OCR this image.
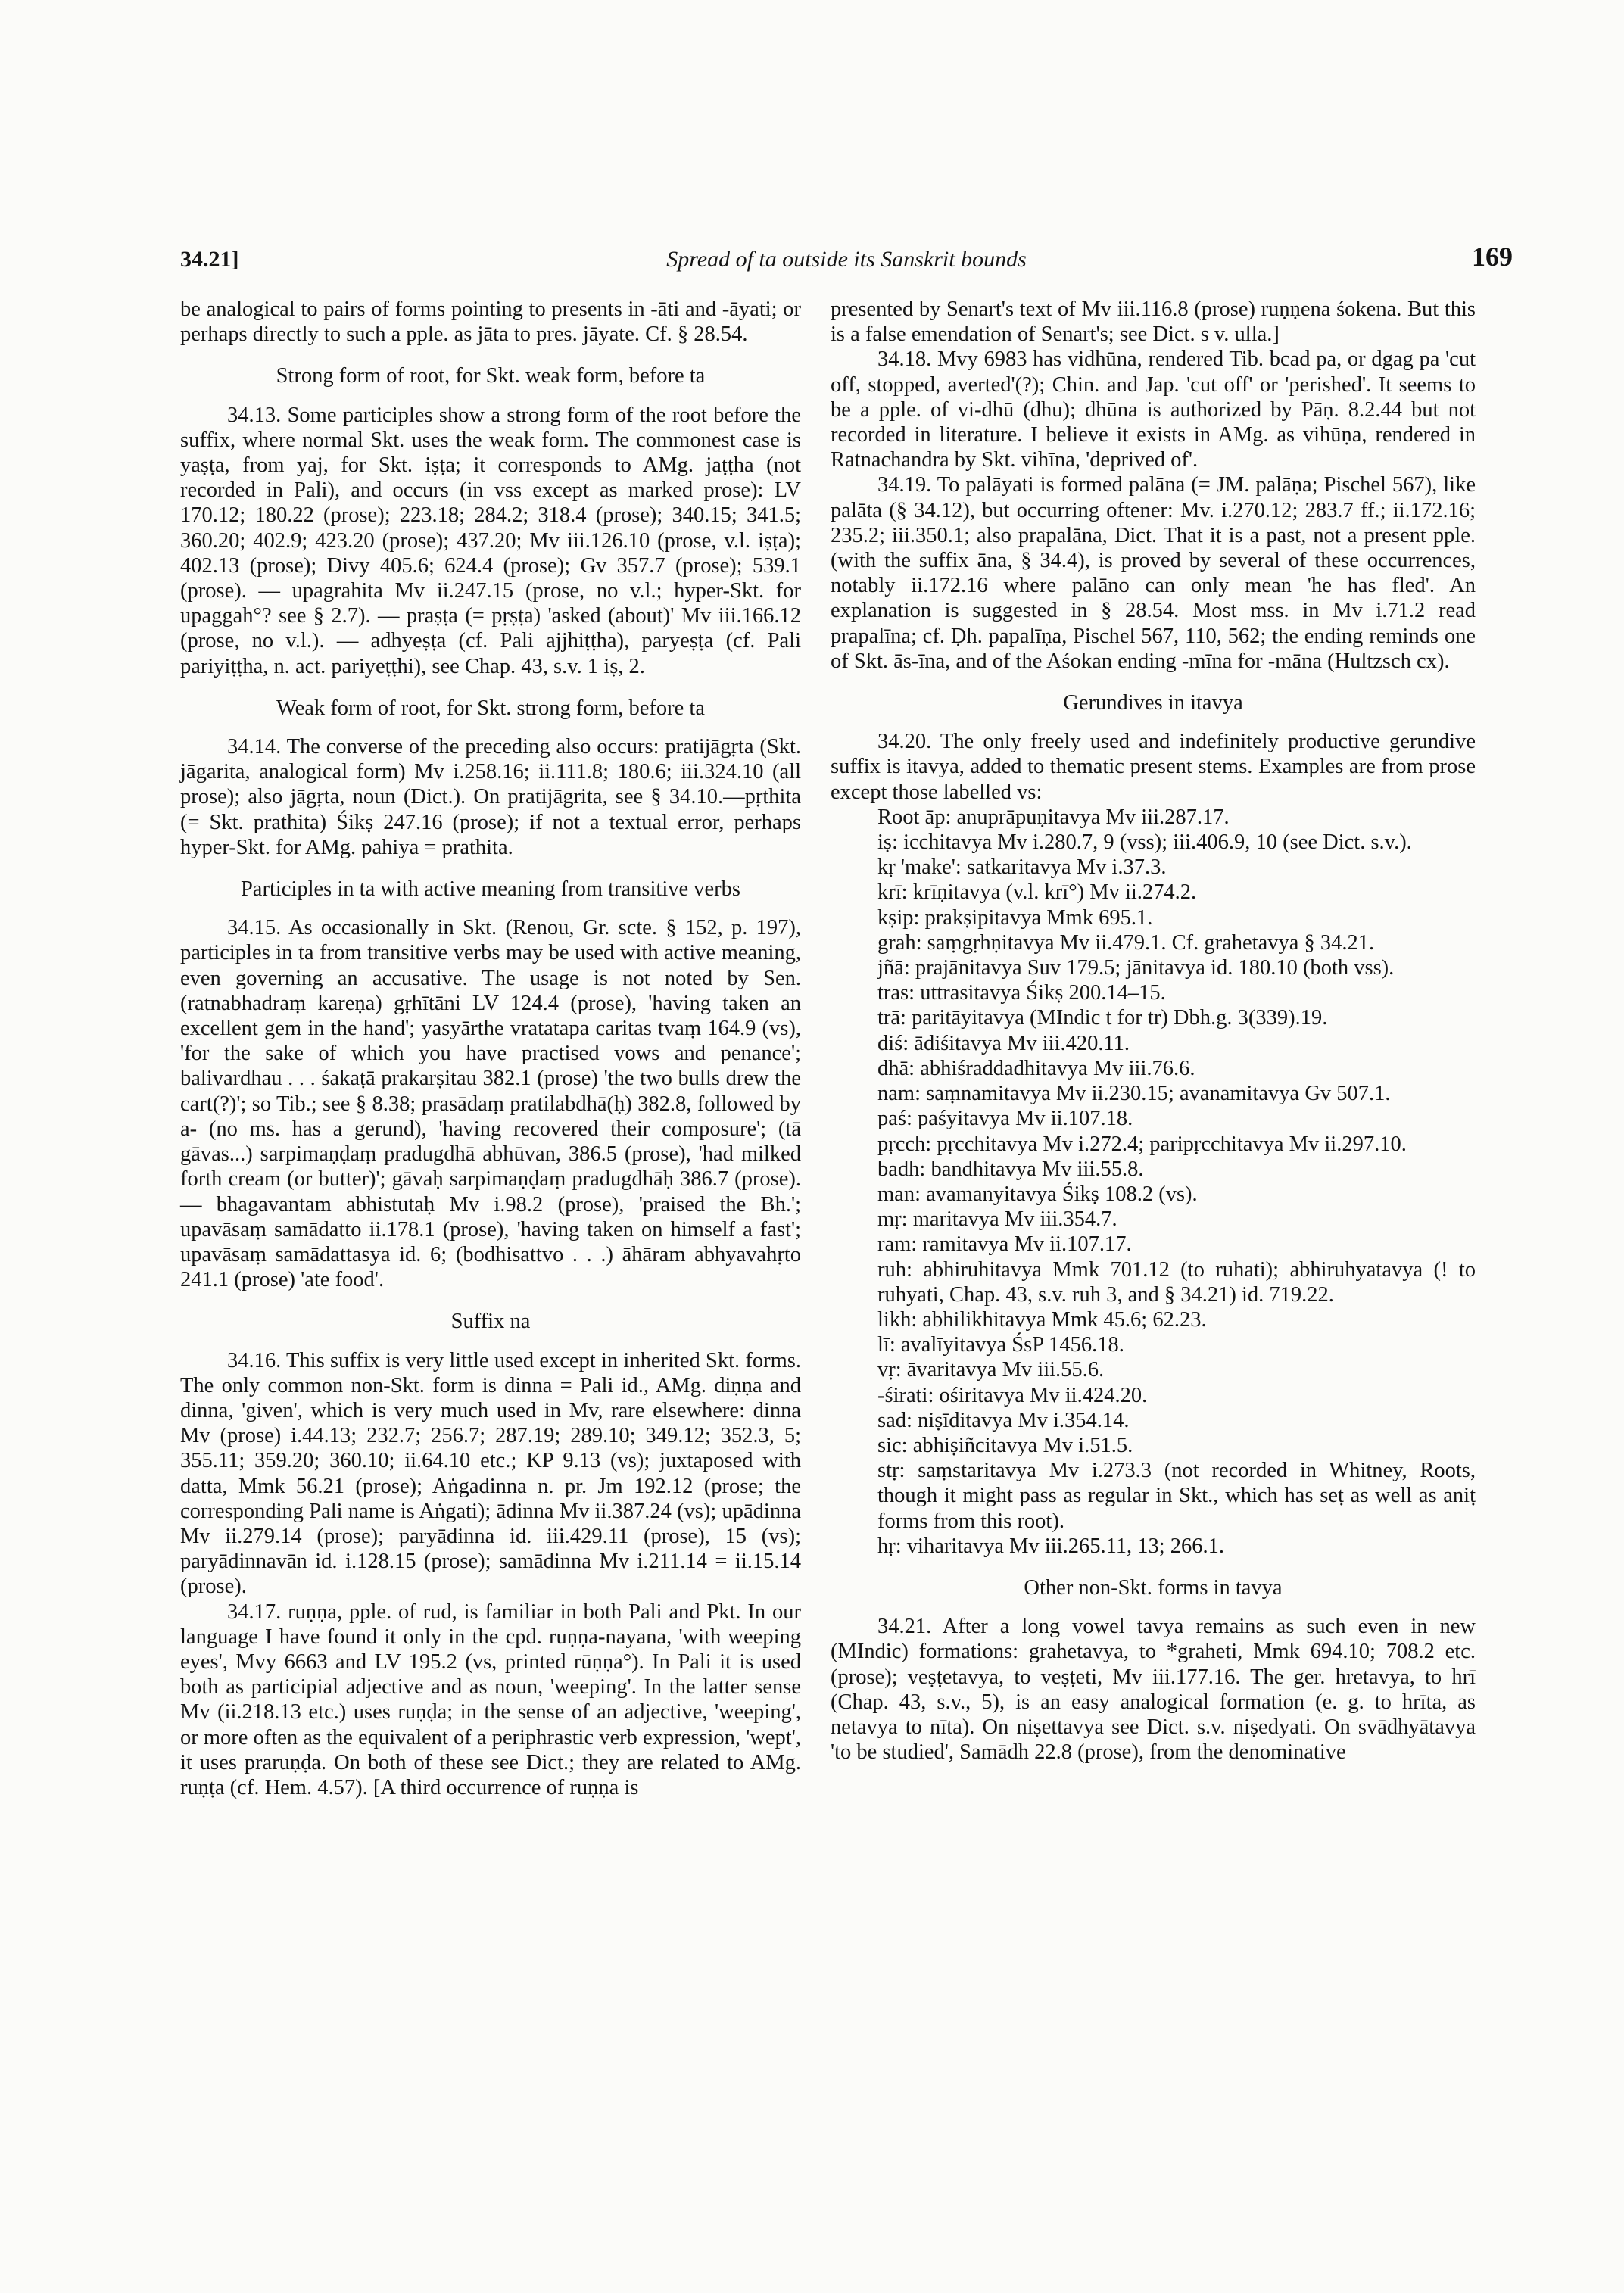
34.21]	Spread of ta outside its Sanskrit bounds	169

be analogical to pairs of forms pointing to presents in -āti and -āyati; or perhaps directly to such a pple. as jāta to pres. jāyate. Cf. § 28.54.

Strong form of root, for Skt. weak form, before ta

34.13. Some participles show a strong form of the root before the suffix, where normal Skt. uses the weak form. The commonest case is yaṣṭa, from yaj, for Skt. iṣṭa; it corresponds to AMg. jaṭṭha (not recorded in Pali), and occurs (in vss except as marked prose): LV 170.12; 180.22 (prose); 223.18; 284.2; 318.4 (prose); 340.15; 341.5; 360.20; 402.9; 423.20 (prose); 437.20; Mv iii.126.10 (prose, v.l. iṣṭa); 402.13 (prose); Divy 405.6; 624.4 (prose); Gv 357.7 (prose); 539.1 (prose). — upagrahita Mv ii.247.15 (prose, no v.l.; hyper-Skt. for upaggah°? see § 2.7). — praṣṭa (= pṛṣṭa) 'asked (about)' Mv iii.166.12 (prose, no v.l.). — adhyeṣṭa (cf. Pali ajjhiṭṭha), paryeṣṭa (cf. Pali pariyiṭṭha, n. act. pariyeṭṭhi), see Chap. 43, s.v. 1 iṣ, 2.

Weak form of root, for Skt. strong form, before ta

34.14. The converse of the preceding also occurs: pratijāgṛta (Skt. jāgarita, analogical form) Mv i.258.16; ii.111.8; 180.6; iii.324.10 (all prose); also jāgṛta, noun (Dict.). On pratijāgrita, see § 34.10.—pṛthita (= Skt. prathita) Śikṣ 247.16 (prose); if not a textual error, perhaps hyper-Skt. for AMg. pahiya = prathita.

Participles in ta with active meaning from transitive verbs

34.15. As occasionally in Skt. (Renou, Gr. scte. § 152, p. 197), participles in ta from transitive verbs may be used with active meaning, even governing an accusative. The usage is not noted by Sen. (ratnabhadraṃ kareṇa) gṛhītāni LV 124.4 (prose), 'having taken an excellent gem in the hand'; yasyārthe vratatapa caritas tvaṃ 164.9 (vs), 'for the sake of which you have practised vows and penance'; balivardhau . . . śakaṭā prakarṣitau 382.1 (prose) 'the two bulls drew the cart(?)'; so Tib.; see § 8.38; prasādaṃ pratilabdhā(ḥ) 382.8, followed by a- (no ms. has a gerund), 'having recovered their composure'; (tā gāvas...) sarpimaṇḍaṃ pradugdhā abhūvan, 386.5 (prose), 'had milked forth cream (or butter)'; gāvaḥ sarpimaṇḍaṃ pradugdhāḥ 386.7 (prose). — bhagavantam abhistutaḥ Mv i.98.2 (prose), 'praised the Bh.'; upavāsaṃ samādatto ii.178.1 (prose), 'having taken on himself a fast'; upavāsaṃ samādattasya id. 6; (bodhisattvo . . .) āhāram abhyavahṛto 241.1 (prose) 'ate food'.

Suffix na

34.16. This suffix is very little used except in inherited Skt. forms. The only common non-Skt. form is dinna = Pali id., AMg. diṇṇa and dinna, 'given', which is very much used in Mv, rare elsewhere: dinna Mv (prose) i.44.13; 232.7; 256.7; 287.19; 289.10; 349.12; 352.3, 5; 355.11; 359.20; 360.10; ii.64.10 etc.; KP 9.13 (vs); juxtaposed with datta, Mmk 56.21 (prose); Aṅgadinna n. pr. Jm 192.12 (prose; the corresponding Pali name is Aṅgati); ādinna Mv ii.387.24 (vs); upādinna Mv ii.279.14 (prose); paryādinna id. iii.429.11 (prose), 15 (vs); paryādinnavān id. i.128.15 (prose); samādinna Mv i.211.14 = ii.15.14 (prose).

34.17. ruṇṇa, pple. of rud, is familiar in both Pali and Pkt. In our language I have found it only in the cpd. ruṇṇa-nayana, 'with weeping eyes', Mvy 6663 and LV 195.2 (vs, printed rūṇṇa°). In Pali it is used both as participial adjective and as noun, 'weeping'. In the latter sense Mv (ii.218.13 etc.) uses ruṇḍa; in the sense of an adjective, 'weeping', or more often as the equivalent of a periphrastic verb expression, 'wept', it uses praruṇḍa. On both of these see Dict.; they are related to AMg. ruṇṭa (cf. Hem. 4.57). [A third occurrence of ruṇṇa is

presented by Senart's text of Mv iii.116.8 (prose) ruṇṇena śokena. But this is a false emendation of Senart's; see Dict. s v. ulla.]

34.18. Mvy 6983 has vidhūna, rendered Tib. bcad pa, or dgag pa 'cut off, stopped, averted'(?); Chin. and Jap. 'cut off' or 'perished'. It seems to be a pple. of vi-dhū (dhu); dhūna is authorized by Pāṇ. 8.2.44 but not recorded in literature. I believe it exists in AMg. as vihūṇa, rendered in Ratnachandra by Skt. vihīna, 'deprived of'.

34.19. To palāyati is formed palāna (= JM. palāṇa; Pischel 567), like palāta (§ 34.12), but occurring oftener: Mv. i.270.12; 283.7 ff.; ii.172.16; 235.2; iii.350.1; also prapalāna, Dict. That it is a past, not a present pple. (with the suffix āna, § 34.4), is proved by several of these occurrences, notably ii.172.16 where palāno can only mean 'he has fled'. An explanation is suggested in § 28.54. Most mss. in Mv i.71.2 read prapalīna; cf. Ḍh. papalīṇa, Pischel 567, 110, 562; the ending reminds one of Skt. ās-īna, and of the Aśokan ending -mīna for -māna (Hultzsch cx).

Gerundives in itavya

34.20. The only freely used and indefinitely productive gerundive suffix is itavya, added to thematic present stems. Examples are from prose except those labelled vs:

Root āp: anuprāpuṇitavya Mv iii.287.17.

iṣ: icchitavya Mv i.280.7, 9 (vss); iii.406.9, 10 (see Dict. s.v.).

kṛ 'make': satkaritavya Mv i.37.3.

krī: krīṇitavya (v.l. krī°) Mv ii.274.2.

kṣip: prakṣipitavya Mmk 695.1.

grah: saṃgṛhṇitavya Mv ii.479.1. Cf. grahetavya § 34.21.

jñā: prajānitavya Suv 179.5; jānitavya id. 180.10 (both vss).

tras: uttrasitavya Śikṣ 200.14–15.

trā: paritāyitavya (MIndic t for tr) Dbh.g. 3(339).19.

diś: ādiśitavya Mv iii.420.11.

dhā: abhiśraddadhitavya Mv iii.76.6.

nam: saṃnamitavya Mv ii.230.15; avanamitavya Gv 507.1.

paś: paśyitavya Mv ii.107.18.

pṛcch: pṛcchitavya Mv i.272.4; paripṛcchitavya Mv ii.297.10.

badh: bandhitavya Mv iii.55.8.

man: avamanyitavya Śikṣ 108.2 (vs).

mṛ: maritavya Mv iii.354.7.

ram: ramitavya Mv ii.107.17.

ruh: abhiruhitavya Mmk 701.12 (to ruhati); abhiruhyatavya (! to ruhyati, Chap. 43, s.v. ruh 3, and § 34.21) id. 719.22.

likh: abhilikhitavya Mmk 45.6; 62.23.

lī: avalīyitavya ŚsP 1456.18.

vṛ: āvaritavya Mv iii.55.6.

-śirati: ośiritavya Mv ii.424.20.

sad: niṣīditavya Mv i.354.14.

sic: abhiṣiñcitavya Mv i.51.5.

stṛ: saṃstaritavya Mv i.273.3 (not recorded in Whitney, Roots, though it might pass as regular in Skt., which has seṭ as well as aniṭ forms from this root).

hṛ: viharitavya Mv iii.265.11, 13; 266.1.

Other non-Skt. forms in tavya

34.21. After a long vowel tavya remains as such even in new (MIndic) formations: grahetavya, to *graheti, Mmk 694.10; 708.2 etc. (prose); veṣṭetavya, to veṣṭeti, Mv iii.177.16. The ger. hretavya, to hrī (Chap. 43, s.v., 5), is an easy analogical formation (e. g. to hrīta, as netavya to nīta). On niṣettavya see Dict. s.v. niṣedyati. On svādhyātavya 'to be studied', Samādh 22.8 (prose), from the denominative
